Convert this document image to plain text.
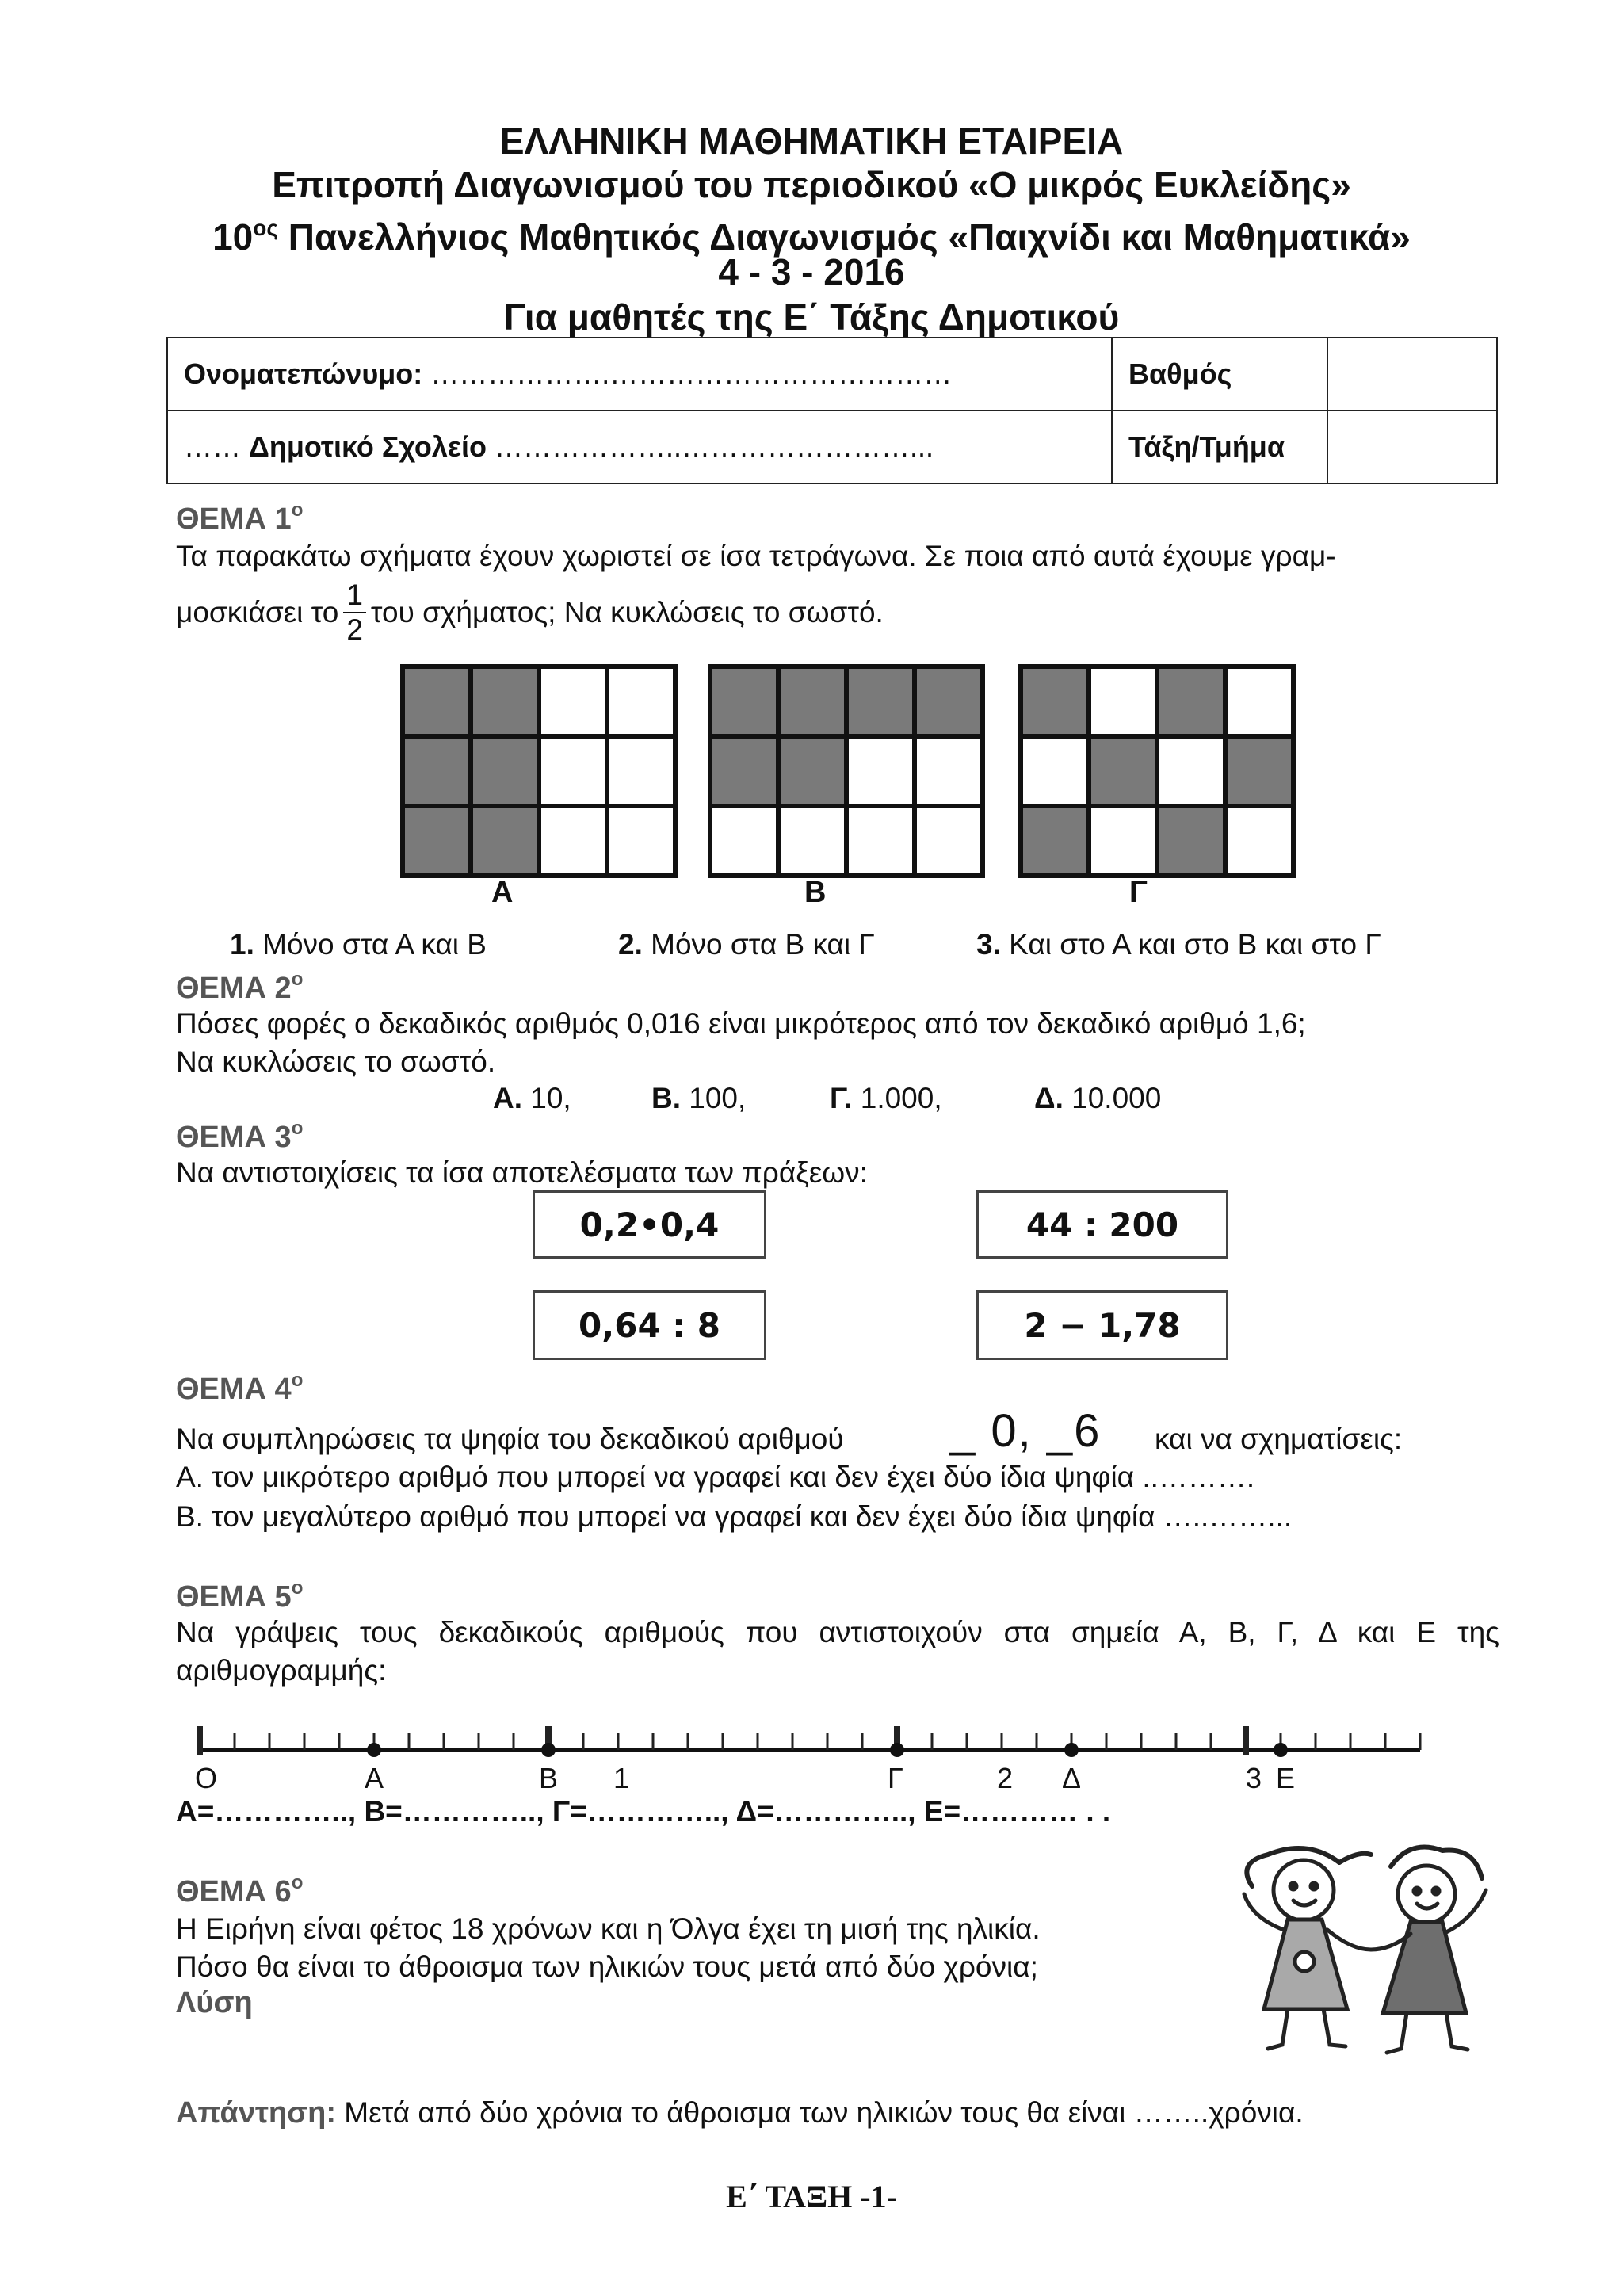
ΕΛΛΗΝΙΚΗ ΜΑΘΗΜΑΤΙΚΗ ΕΤΑΙΡΕΙΑ
Επιτροπή Διαγωνισμού του περιοδικού «Ο μικρός Ευκλείδης»
$10^{o\varsigma}$ Πανελλήνιος Μαθητικός Διαγωνισμός «Παιχνίδι και Μαθηματικά»
4 - 3 - 2016
Για μαθητές της Ε΄ Τάξης Δημοτικού
Ονοματεπώνυμο: ……………….………………………………	Βαθμός	
…… Δημοτικό Σχολείο ………………..……………………...	Τάξη/Τμήμα	
ΘΕΜΑ $1^o$
Τα παρακάτω σχήματα έχουν χωριστεί σε ίσα τετράγωνα. Σε ποια από αυτά έχουμε γραμ-
μοσκιάσει το $\frac{1}{2}$ του σχήματος; Να κυκλώσεις το σωστό.

Α

				Β

				Γ
1. Μόνο στα Α και Β	2. Μόνο στα Β και Γ	3. Και στο Α και στο Β και στο Γ
ΘΕΜΑ $2^o$
Πόσες φορές ο δεκαδικός αριθμός 0,016 είναι μικρότερος από τον δεκαδικό αριθμό 1,6;
Να κυκλώσεις το σωστό.
Α. 10,	Β. 100,	Γ. 1.000,	Δ. 10.000
ΘΕΜΑ $3^o$
Να αντιστοιχίσεις τα ίσα αποτελέσματα των πράξεων:
0,2•0,4	44 : 200
0,64 : 8	2 − 1,78
ΘΕΜΑ $4^o$
Να συμπληρώσεις τα ψηφία του δεκαδικού αριθμού _ 0, _6 και να σχηματίσεις:
Α. τον μικρότερο αριθμό που μπορεί να γραφεί και δεν έχει δύο ίδια ψηφία ..……….
Β. τον μεγαλύτερο αριθμό που μπορεί να γραφεί και δεν έχει δύο ίδια ψηφία …..……...
ΘΕΜΑ $5^o$
Να γράψεις τους δεκαδικούς αριθμούς που αντιστοιχούν στα σημεία Α, Β, Γ, Δ και Ε της
αριθμογραμμής:
Ο	Α	Β 1	Γ	2 Δ	3 Ε
Α=………….., Β=………….., Γ=………….., Δ=………….., Ε=………… . .
ΘΕΜΑ $6^o$
Η Ειρήνη είναι φέτος 18 χρόνων και η Όλγα έχει τη μισή της ηλικία.
Πόσο θα είναι το άθροισμα των ηλικιών τους μετά από δύο χρόνια;
Λύση
Απάντηση: Μετά από δύο χρόνια το άθροισμα των ηλικιών τους θα είναι ……..χρόνια.
Ε΄ ΤΑΞΗ -1-
